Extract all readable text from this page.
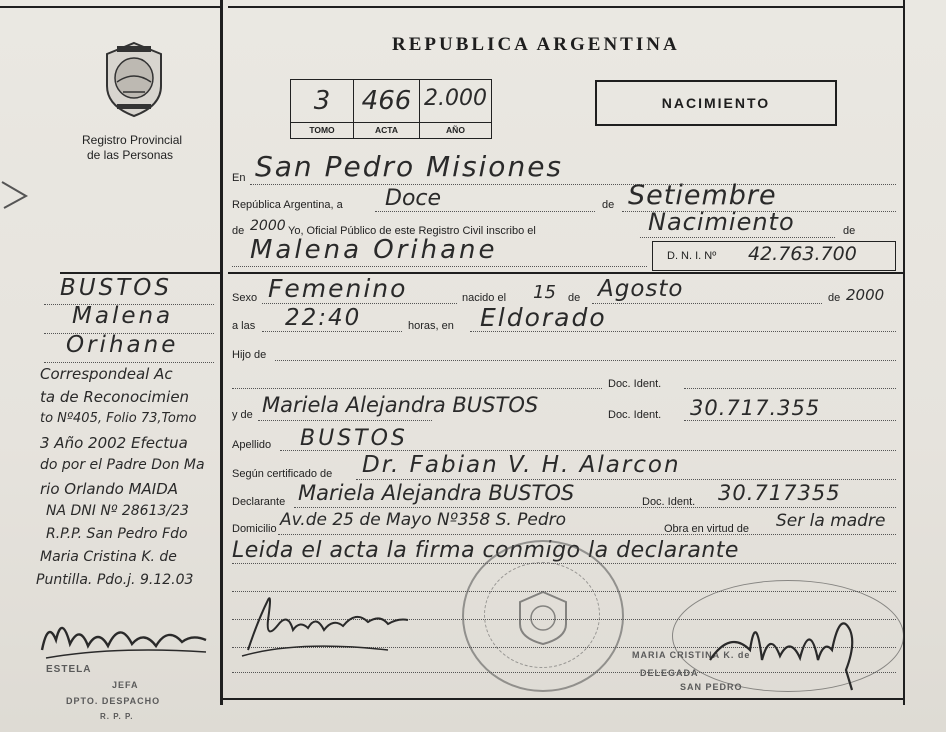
Registro Provincial
de las Personas
REPUBLICA ARGENTINA
3
TOMO
466
ACTA
2.000
AÑO
NACIMIENTO
En San Pedro Misiones
República Argentina, a Doce	de Setiembre
de 2000 Yo, Oficial Público de este Registro Civil inscribo el	Nacimiento	de
Malena Orihane	D. N. I. Nº 42.763.700
Sexo Femenino	nacido el 15 de Agosto	de 2000
a las 22:40	horas, en Eldorado
Hijo de
Doc. Ident.
y de Mariela Alejandra BUSTOS	Doc. Ident. 30.717.355
Apellido BUSTOS
Según certificado de Dr. Fabian V. H. Alarcon
Declarante Mariela Alejandra BUSTOS	Doc. Ident. 30.717355
Domicilio Av.de 25 de Mayo Nº358 S. Pedro	Obra en virtud de Ser la madre
Leida el acta la firma conmigo la declarante
MARIA CRISTINA K. de
DELEGADA
SAN PEDRO
BUSTOS
Malena
Orihane
Correspondeal Ac
ta de Reconocimien
to Nº405, Folio 73,Tomo
3 Año 2002 Efectua
do por el Padre Don Ma
rio Orlando MAIDA
NA DNI Nº 28613/23
R.P.P. San Pedro Fdo
Maria Cristina K. de
Puntilla. Pdo.j. 9.12.03
ESTELA
JEFA
DPTO. DESPACHO
R. P. P.
